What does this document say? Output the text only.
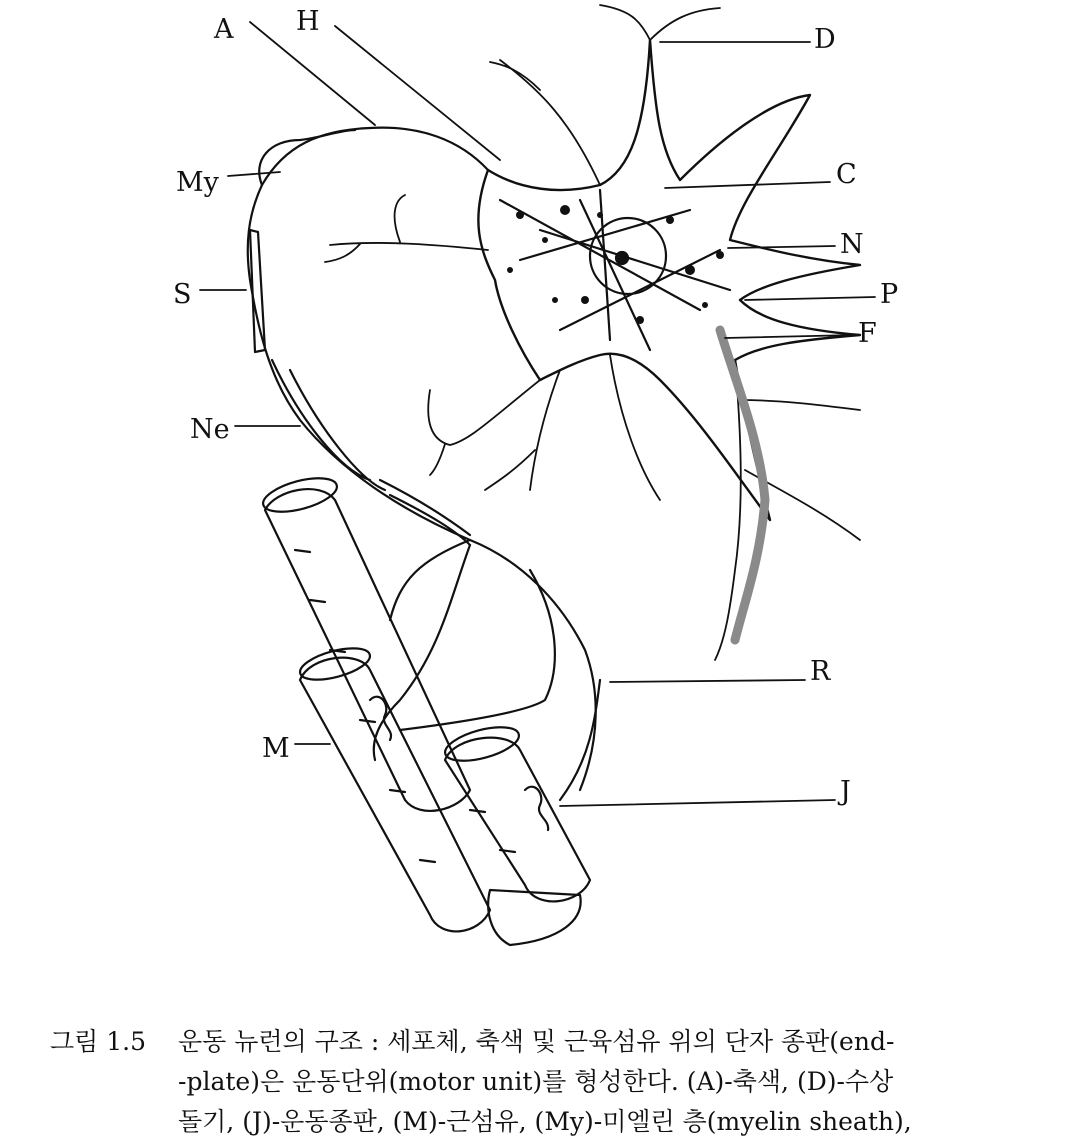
A H
D
C
N
P
F
My
S
Ne
R
M
J
그림 1.5 운동 뉴런의 구조 : 세포체, 축색 및 근육섬유 위의 단자 종판(end-
-plate)은 운동단위(motor unit)를 형성한다. (A)-축색, (D)-수상
돌기, (J)-운동종판, (M)-근섬유, (My)-미엘린 층(myelin sheath),
